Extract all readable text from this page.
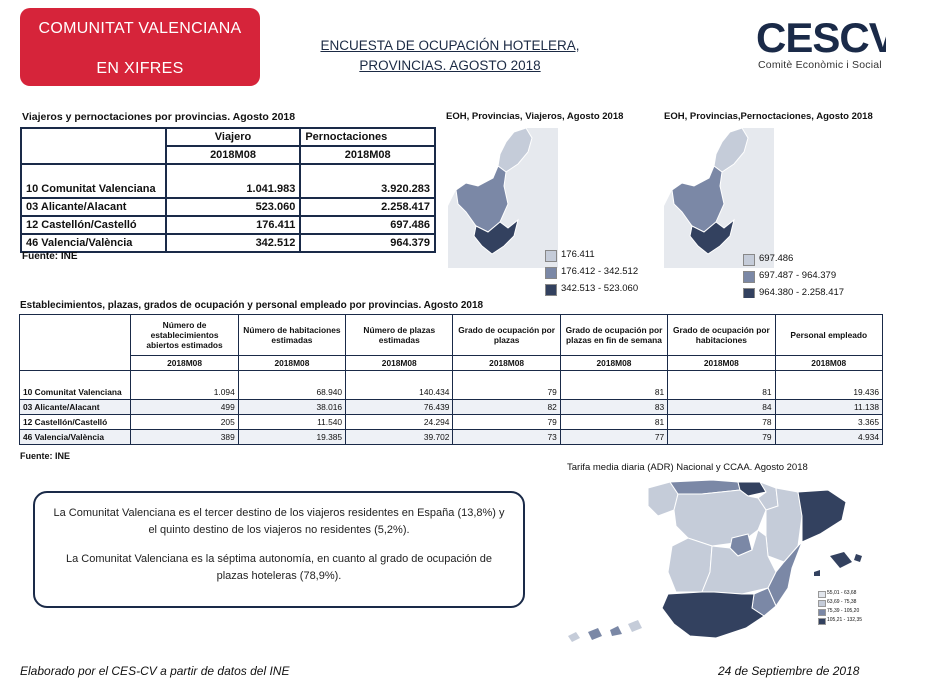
COMUNITAT VALENCIANA
EN XIFRES
ENCUESTA DE OCUPACIÓN HOTELERA,
PROVINCIAS. AGOSTO 2018
CESCV
Comitè Econòmic i Social
Viajeros y pernoctaciones por provincias. Agosto 2018
	Viajero	Pernoctaciones
	2018M08	2018M08

10 Comunitat Valenciana	1.041.983	3.920.283
03 Alicante/Alacant	523.060	2.258.417
12 Castellón/Castelló	176.411	697.486
46 Valencia/València	342.512	964.379
Fuente: INE
EOH, Provincias, Viajeros, Agosto 2018
176.411
176.412 - 342.512
342.513 - 523.060
EOH, Provincias,Pernoctaciones, Agosto 2018
697.486
697.487 - 964.379
964.380 - 2.258.417
Establecimientos, plazas, grados de ocupación y personal empleado por provincias. Agosto 2018
	Número de establecimientos abiertos estimados	Número de habitaciones estimadas	Número de plazas estimadas	Grado de ocupación por plazas	Grado de ocupación por plazas en fin de semana	Grado de ocupación por habitaciones	Personal empleado
	2018M08	2018M08	2018M08	2018M08	2018M08	2018M08	2018M08

10 Comunitat Valenciana	1.094	68.940	140.434	79	81	81	19.436
03 Alicante/Alacant	499	38.016	76.439	82	83	84	11.138
12 Castellón/Castelló	205	11.540	24.294	79	81	78	3.365
46 Valencia/València	389	19.385	39.702	73	77	79	4.934
Fuente: INE
La Comunitat Valenciana es el tercer destino de los viajeros residentes en España (13,8%) y el quinto destino de los viajeros no residentes (5,2%).
La Comunitat Valenciana es la séptima autonomía, en cuanto al grado de ocupación de plazas hoteleras (78,9%).
Tarifa media diaria (ADR) Nacional y CCAA. Agosto 2018
55,01 - 63,68
63,69 - 75,38
75,39 - 105,20
105,21 - 132,35
Elaborado por el CES-CV a partir de datos del INE	24 de Septiembre de 2018
